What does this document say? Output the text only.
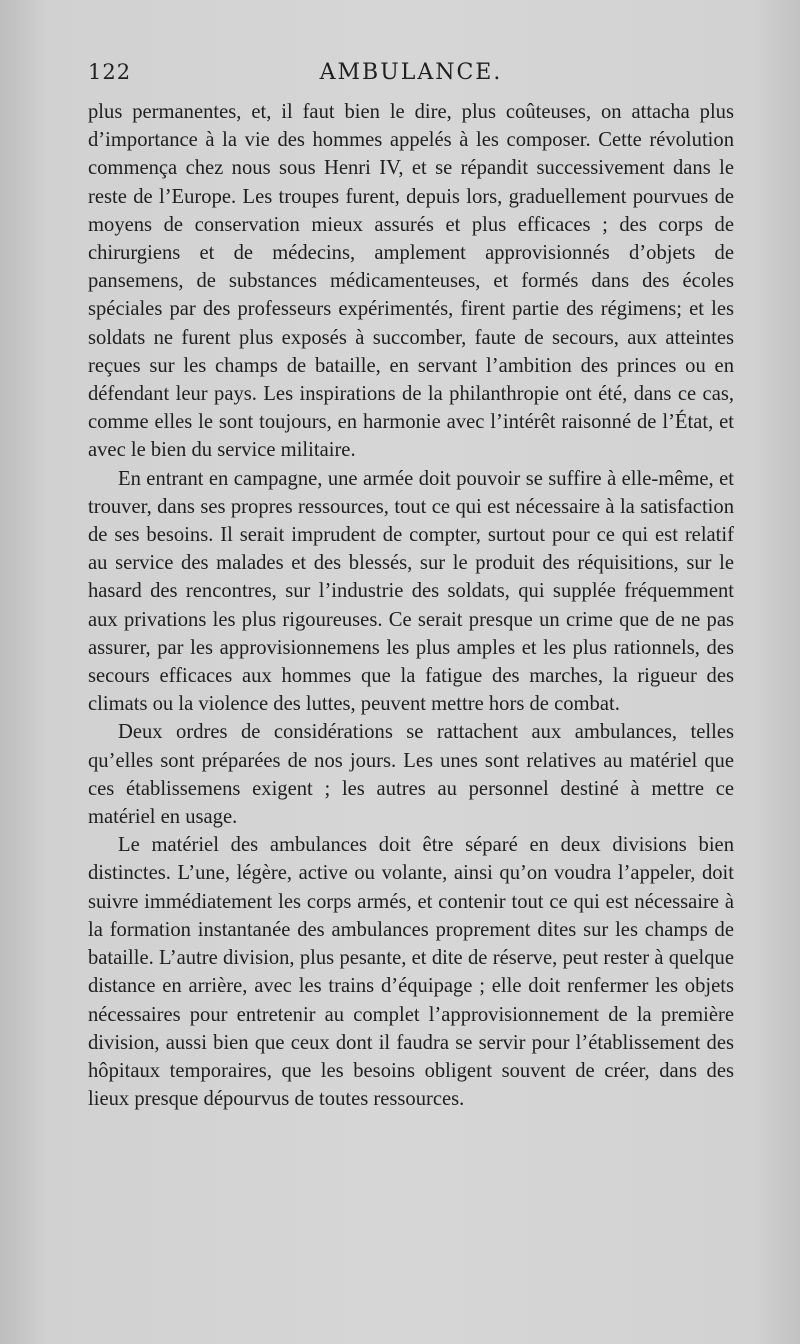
122	AMBULANCE.

plus permanentes, et, il faut bien le dire, plus coûteuses, on attacha plus d’importance à la vie des hommes appelés à les composer. Cette révolution commença chez nous sous Henri IV, et se répandit successivement dans le reste de l’Europe. Les troupes furent, depuis lors, graduellement pourvues de moyens de conservation mieux assurés et plus efficaces ; des corps de chirurgiens et de médecins, amplement approvisionnés d’objets de pansemens, de substances médicamenteuses, et formés dans des écoles spéciales par des professeurs expérimentés, firent partie des régimens; et les soldats ne furent plus exposés à succomber, faute de secours, aux atteintes reçues sur les champs de bataille, en servant l’ambition des princes ou en défendant leur pays. Les inspirations de la philanthropie ont été, dans ce cas, comme elles le sont toujours, en harmonie avec l’intérêt raisonné de l’État, et avec le bien du service militaire.

En entrant en campagne, une armée doit pouvoir se suffire à elle-même, et trouver, dans ses propres ressources, tout ce qui est nécessaire à la satisfaction de ses besoins. Il serait imprudent de compter, surtout pour ce qui est relatif au service des malades et des blessés, sur le produit des réquisitions, sur le hasard des rencontres, sur l’industrie des soldats, qui supplée fréquemment aux privations les plus rigoureuses. Ce serait presque un crime que de ne pas assurer, par les approvisionnemens les plus amples et les plus rationnels, des secours efficaces aux hommes que la fatigue des marches, la rigueur des climats ou la violence des luttes, peuvent mettre hors de combat.

Deux ordres de considérations se rattachent aux ambulances, telles qu’elles sont préparées de nos jours. Les unes sont relatives au matériel que ces établissemens exigent ; les autres au personnel destiné à mettre ce matériel en usage.

Le matériel des ambulances doit être séparé en deux divisions bien distinctes. L’une, légère, active ou volante, ainsi qu’on voudra l’appeler, doit suivre immédiatement les corps armés, et contenir tout ce qui est nécessaire à la formation instantanée des ambulances proprement dites sur les champs de bataille. L’autre division, plus pesante, et dite de réserve, peut rester à quelque distance en arrière, avec les trains d’équipage ; elle doit renfermer les objets nécessaires pour entretenir au complet l’approvisionnement de la première division, aussi bien que ceux dont il faudra se servir pour l’établissement des hôpitaux temporaires, que les besoins obligent souvent de créer, dans des lieux presque dépourvus de toutes ressources.
